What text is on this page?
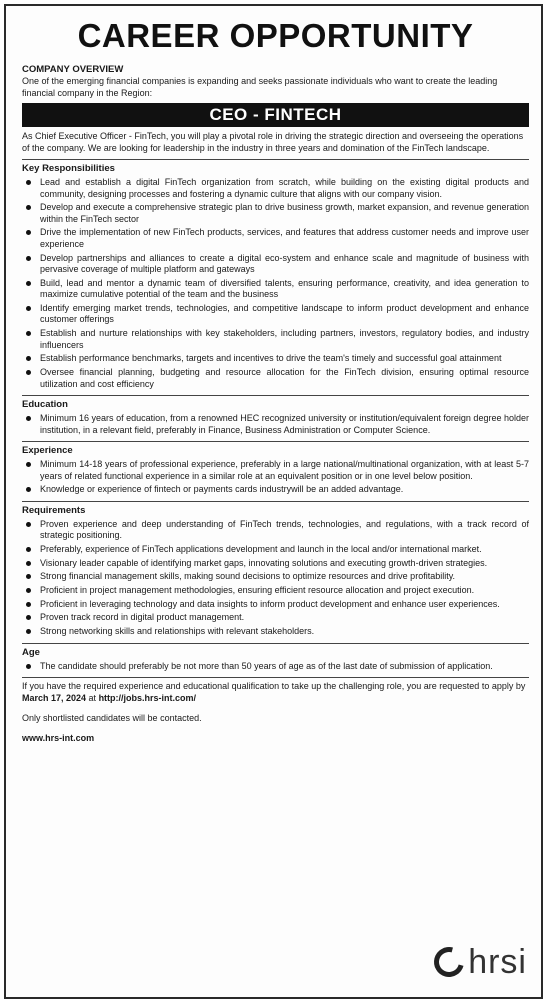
CAREER OPPORTUNITY

COMPANY OVERVIEW

One of the emerging financial companies is expanding and seeks passionate individuals who want to create the leading financial company in the Region:

CEO - FINTECH

As Chief Executive Officer - FinTech, you will play a pivotal role in driving the strategic direction and overseeing the operations of the company. We are looking for leadership in the industry in three years and domination of the FinTech landscape.

Key Responsibilities

Lead and establish a digital FinTech organization from scratch, while building on the existing digital products and community, designing processes and fostering a dynamic culture that aligns with our company vision.
Develop and execute a comprehensive strategic plan to drive business growth, market expansion, and revenue generation within the FinTech sector
Drive the implementation of new FinTech products, services, and features that address customer needs and improve user experience
Develop partnerships and alliances to create a digital eco-system and enhance scale and magnitude of business with pervasive coverage of multiple platform and gateways
Build, lead and mentor a dynamic team of diversified talents, ensuring performance, creativity, and idea generation to maximize cumulative potential of the team and the business
Identify emerging market trends, technologies, and competitive landscape to inform product development and enhance customer offerings
Establish and nurture relationships with key stakeholders, including partners, investors, regulatory bodies, and industry influencers
Establish performance benchmarks, targets and incentives to drive the team's timely and successful goal attainment
Oversee financial planning, budgeting and resource allocation for the FinTech division, ensuring optimal resource utilization and cost efficiency

Education

Minimum 16 years of education, from a renowned HEC recognized university or institution/equivalent foreign degree holder institution, in a relevant field, preferably in Finance, Business Administration or Computer Science.

Experience

Minimum 14-18 years of professional experience, preferably in a large national/multinational organization, with at least 5-7 years of related functional experience in a similar role at an equivalent position or in one level below position.
Knowledge or experience of fintech or payments cards industrywill be an added advantage.

Requirements

Proven experience and deep understanding of FinTech trends, technologies, and regulations, with a track record of strategic positioning.
Preferably, experience of FinTech applications development and launch in the local and/or international market.
Visionary leader capable of identifying market gaps, innovating solutions and executing growth-driven strategies.
Strong financial management skills, making sound decisions to optimize resources and drive profitability.
Proficient in project management methodologies, ensuring efficient resource allocation and project execution.
Proficient in leveraging technology and data insights to inform product development and enhance user experiences.
Proven track record in digital product management.
Strong networking skills and relationships with relevant stakeholders.

Age

The candidate should preferably be not more than 50 years of age as of the last date of submission of application.

If you have the required experience and educational qualification to take up the challenging role, you are requested to apply by March 17, 2024 at http://jobs.hrs-int.com/

Only shortlisted candidates will be contacted.

www.hrs-int.com
hrsi
